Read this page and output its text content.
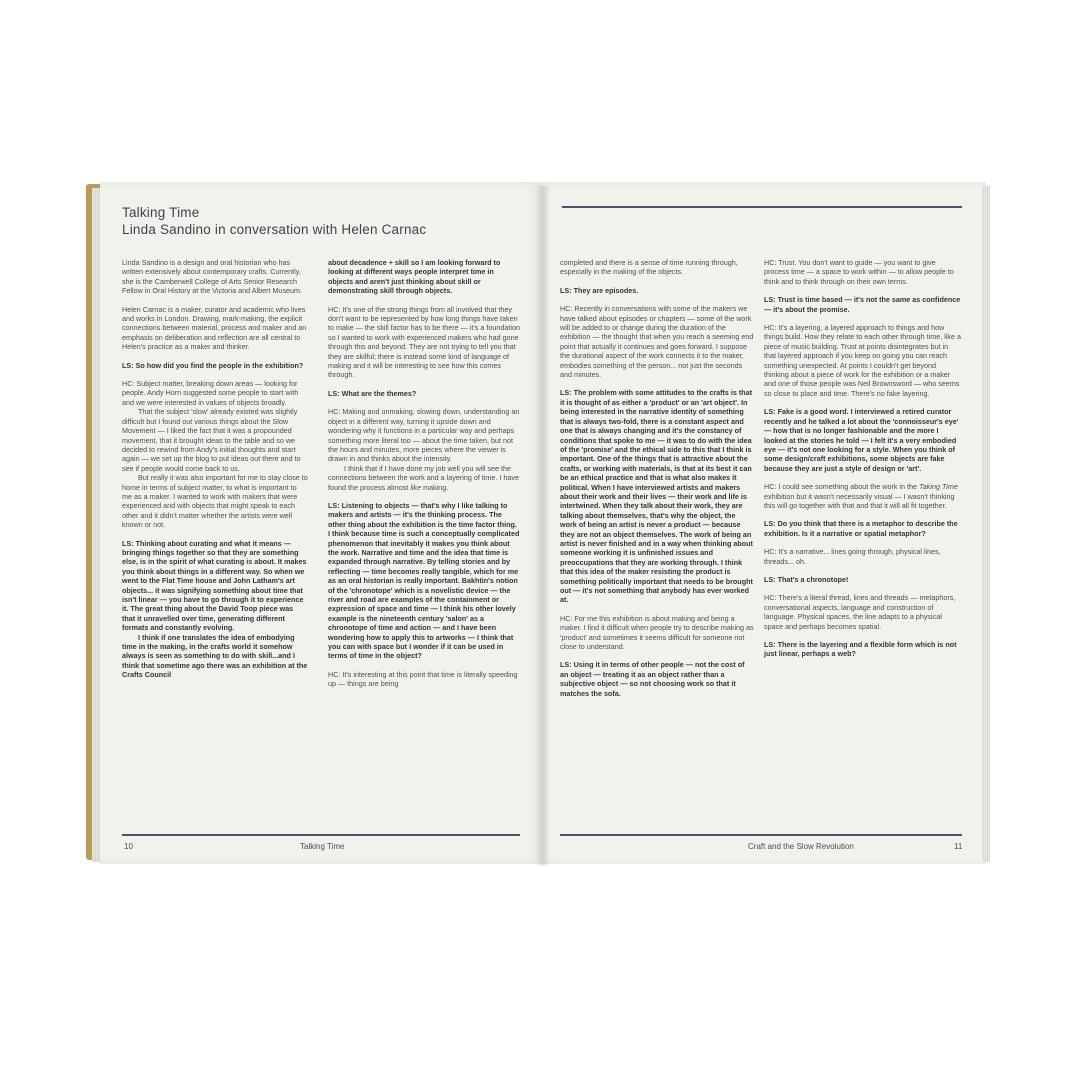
Talking Time
Linda Sandino in conversation with Helen Carnac

Linda Sandino is a design and oral historian who has written extensively about contemporary crafts. Currently, she is the Camberwell College of Arts Senior Research Fellow in Oral History at the Victoria and Albert Museum.

Helen Carnac is a maker, curator and academic who lives and works in London. Drawing, mark-making, the explicit connections between material, process and maker and an emphasis on deliberation and reflection are all central to Helen's practice as a maker and thinker.

LS: So how did you find the people in the exhibition?

HC: Subject matter, breaking down areas — looking for people. Andy Horn suggested some people to start with and we were interested in values of objects broadly.

That the subject 'slow' already existed was slightly difficult but I found out various things about the Slow Movement — I liked the fact that it was a propounded movement, that it brought ideas to the table and so we decided to rewind from Andy's initial thoughts and start again — we set up the blog to put ideas out there and to see if people would come back to us.

But really it was also important for me to stay close to home in terms of subject matter, to what is important to me as a maker. I wanted to work with makers that were experienced and with objects that might speak to each other and it didn't matter whether the artists were well known or not.

LS: Thinking about curating and what it means — bringing things together so that they are something else, is in the spirit of what curating is about. It makes you think about things in a different way. So when we went to the Flat Time house and John Latham's art objects... it was signifying something about time that isn't linear — you have to go through it to experience it. The great thing about the David Toop piece was that it unravelled over time, generating different formats and constantly evolving.

I think if one translates the idea of embodying time in the making, in the crafts world it somehow always is seen as something to do with skill...and I think that sometime ago there was an exhibition at the Crafts Council

about decadence + skill so I am looking forward to looking at different ways people interpret time in objects and aren't just thinking about skill or demonstrating skill through objects.

HC: It's one of the strong things from all involved that they don't want to be represented by how long things have taken to make — the skill factor has to be there — it's a foundation so I wanted to work with experienced makers who had gone through this and beyond. They are not trying to tell you that they are skilful; there is instead some kind of language of making and it will be interesting to see how this comes through.

LS: What are the themes?

HC: Making and unmaking, slowing down, understanding an object in a different way, turning it upside down and wondering why it functions in a particular way and perhaps something more literal too — about the time taken, but not the hours and minutes, more pieces where the viewer is drawn in and thinks about the intensity.

I think that if I have done my job well you will see the connections between the work and a layering of time. I have found the process almost like making.

LS: Listening to objects — that's why I like talking to makers and artists — it's the thinking process. The other thing about the exhibition is the time factor thing. I think because time is such a conceptually complicated phenomenon that inevitably it makes you think about the work. Narrative and time and the idea that time is expanded through narrative. By telling stories and by reflecting — time becomes really tangible, which for me as an oral historian is really important. Bakhtin's notion of the 'chronotope' which is a novelistic device — the river and road are examples of the containment or expression of space and time — I think his other lovely example is the nineteenth century 'salon' as a chronotope of time and action — and I have been wondering how to apply this to artworks — I think that you can with space but I wonder if it can be used in terms of time in the object?

HC: It's interesting at this point that time is literally speeding up — things are being

10	Talking Time

completed and there is a sense of time running through, especially in the making of the objects.

LS: They are episodes.

HC: Recently in conversations with some of the makers we have talked about episodes or chapters — some of the work will be added to or change during the duration of the exhibition — the thought that when you reach a seeming end point that actually it continues and goes forward. I suppose the durational aspect of the work connects it to the maker, embodies something of the person... not just the seconds and minutes.

LS: The problem with some attitudes to the crafts is that it is thought of as either a 'product' or an 'art object'. In being interested in the narrative identity of something that is always two-fold, there is a constant aspect and one that is always changing and it's the constancy of conditions that spoke to me — it was to do with the idea of the 'promise' and the ethical side to this that I think is important. One of the things that is attractive about the crafts, or working with materials, is that at its best it can be an ethical practice and that is what also makes it political. When I have interviewed artists and makers about their work and their lives — their work and life is intertwined. When they talk about their work, they are talking about themselves, that's why the object, the work of being an artist is never a product — because they are not an object themselves. The work of being an artist is never finished and in a way when thinking about someone working it is unfinished issues and preoccupations that they are working through. I think that this idea of the maker resisting the product is something politically important that needs to be brought out — it's not something that anybody has ever worked at.

HC: For me this exhibition is about making and being a maker. I find it difficult when people try to describe making as 'product' and sometimes it seems difficult for someone not close to understand.

LS: Using it in terms of other people — not the cost of an object — treating it as an object rather than a subjective object — so not choosing work so that it matches the sofa.

HC: Trust. You don't want to guide — you want to give process time — a space to work within — to allow people to think and to think through on their own terms.

LS: Trust is time based — it's not the same as confidence — it's about the promise.

HC: It's a layering, a layered approach to things and how things build. How they relate to each other through time, like a piece of music building. Trust at points disintegrates but in that layered approach if you keep on going you can reach something unexpected. At points I couldn't get beyond thinking about a piece of work for the exhibition or a maker and one of those people was Neil Brownsword — who seems so close to place and time. There's no fake layering.

LS: Fake is a good word. I interviewed a retired curator recently and he talked a lot about the 'connoisseur's eye' — how that is no longer fashionable and the more I looked at the stories he told — I felt it's a very embodied eye — it's not one looking for a style. When you think of some design/craft exhibitions, some objects are fake because they are just a style of design or 'art'.

HC: I could see something about the work in the Taking Time exhibition but it wasn't necessarily visual — I wasn't thinking this will go together with that and that it will all fit together.

LS: Do you think that there is a metaphor to describe the exhibition. Is it a narrative or spatial metaphor?

HC: It's a narrative... lines going through, physical lines, threads... oh.

LS: That's a chronotope!

HC: There's a literal thread, lines and threads — metaphors, conversational aspects, language and construction of language. Physical spaces, the line adapts to a physical space and perhaps becomes spatial.

LS: There is the layering and a flexible form which is not just linear, perhaps a web?

Craft and the Slow Revolution	11
